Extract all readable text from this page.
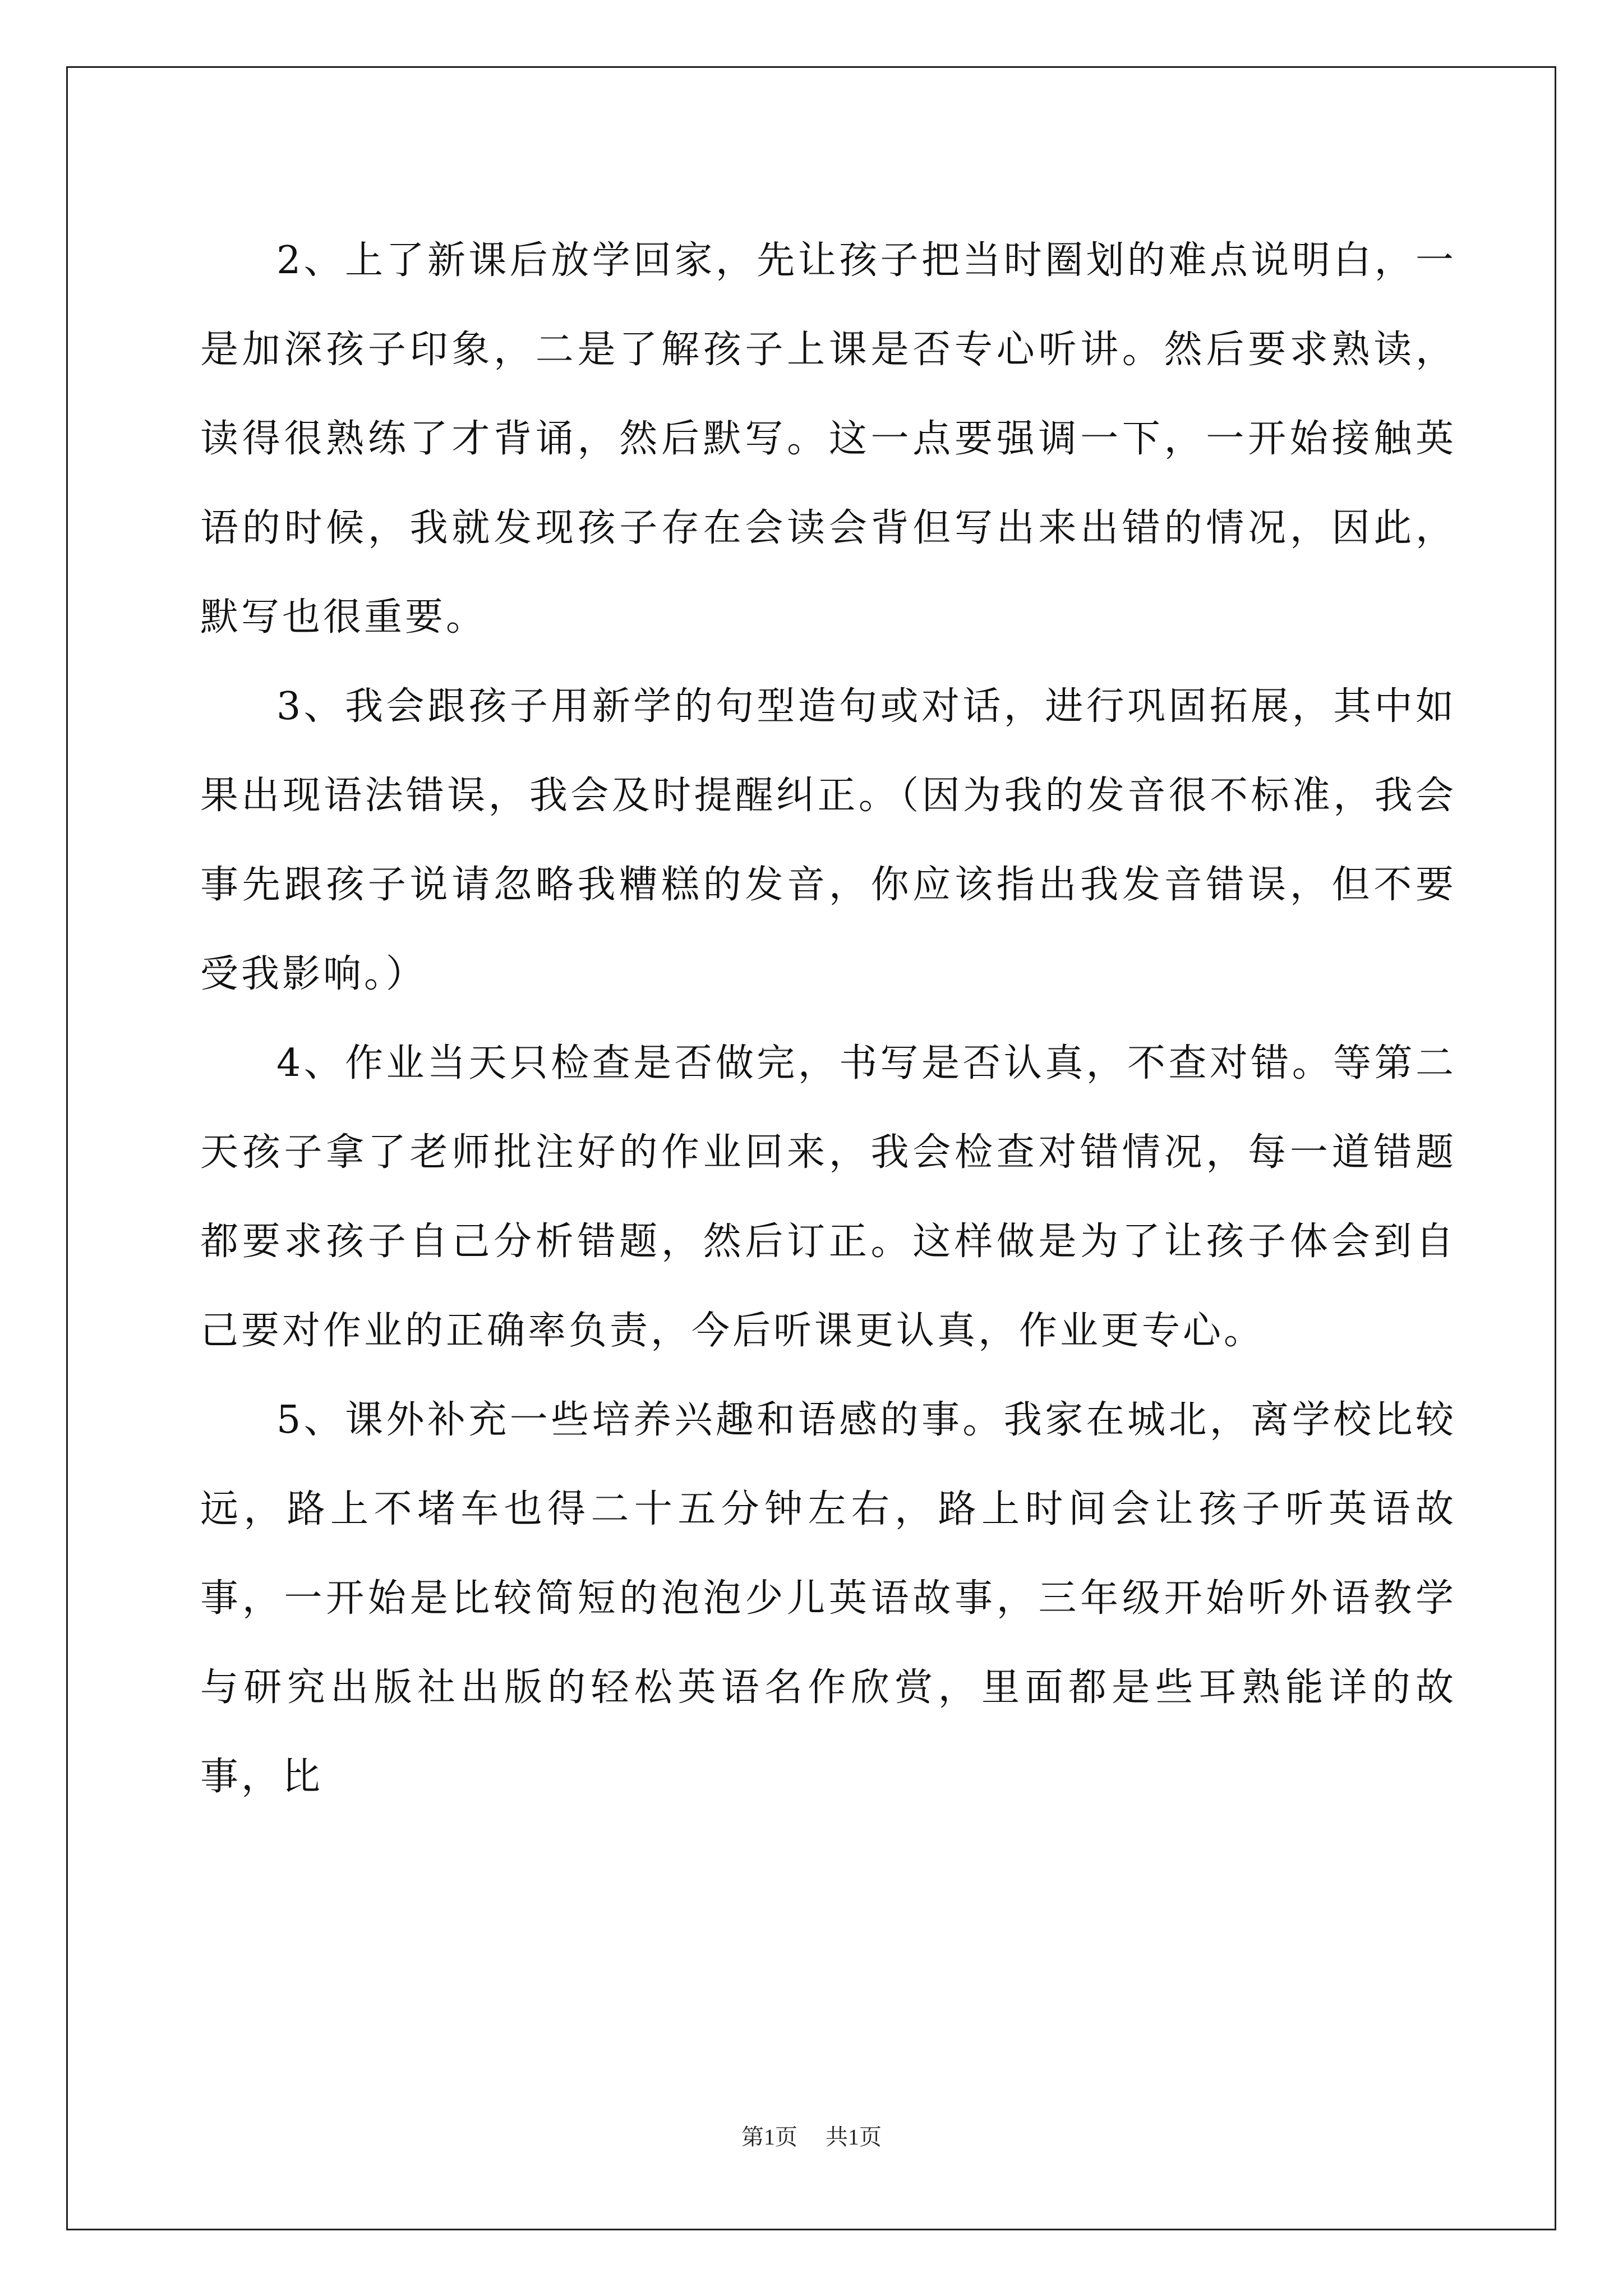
2、上了新课后放学回家，先让孩子把当时圈划的难点说明白，一是加深孩子印象，二是了解孩子上课是否专心听讲。然后要求熟读，读得很熟练了才背诵，然后默写。这一点要强调一下，一开始接触英语的时候，我就发现孩子存在会读会背但写出来出错的情况，因此，默写也很重要。

3、我会跟孩子用新学的句型造句或对话，进行巩固拓展，其中如果出现语法错误，我会及时提醒纠正。（因为我的发音很不标准，我会事先跟孩子说请忽略我糟糕的发音，你应该指出我发音错误，但不要受我影响。）

4、作业当天只检查是否做完，书写是否认真，不查对错。等第二天孩子拿了老师批注好的作业回来，我会检查对错情况，每一道错题都要求孩子自己分析错题，然后订正。这样做是为了让孩子体会到自己要对作业的正确率负责，今后听课更认真，作业更专心。

5、课外补充一些培养兴趣和语感的事。我家在城北，离学校比较远，路上不堵车也得二十五分钟左右，路上时间会让孩子听英语故事，一开始是比较简短的泡泡少儿英语故事，三年级开始听外语教学与研究出版社出版的轻松英语名作欣赏，里面都是些耳熟能详的故事，比

第1页 共1页
